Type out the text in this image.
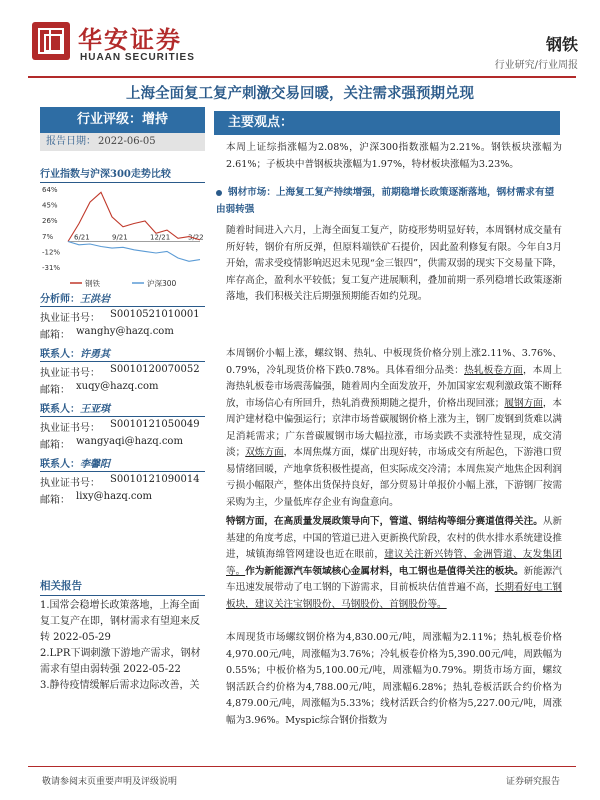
华安证券
HUAAN SECURITIES
钢铁
行业研究/行业周报
上海全面复工复产刺激交易回暖，关注需求强预期兑现
行业评级：增持
报告日期： 2022-06-05
行业指数与沪深300走势比较
64%
45%
26%
7%
-12%
-31%
6/21	9/21	12/21	3/22
钢铁	沪深300
分析师：王洪岩
执业证书号：	S0010521010001
邮箱： wanghy@hazq.com
联系人：许勇其
执业证书号：	S0010120070052
邮箱： xuqy@hazq.com
联系人：王亚琪
执业证书号：	S0010121050049
邮箱： wangyaqi@hazq.com
联系人：李馨阳
执业证书号：	S0010121090014
邮箱： lixy@hazq.com
相关报告
1.国常会稳增长政策落地，上海全面复工复产在即，钢材需求有望迎来反转 2022-05-29
2.LPR下调刺激下游地产需求，钢材需求有望由弱转强 2022-05-22
3.静待疫情缓解后需求边际改善，关
主要观点：
本周上证综指涨幅为2.08%，沪深300指数涨幅为2.21%。钢铁板块涨幅为2.61%；子板块中普钢板块涨幅为1.97%，特材板块涨幅为3.23%。
钢材市场：上海复工复产持续增强，前期稳增长政策逐渐落地，钢材需求有望由弱转强
随着时间进入六月，上海全面复工复产，防疫形势明显好转，本周钢材成交量有所好转，钢价有所反弹，但原料端铁矿石提价，因此盈利修复有限。今年自3月开始，需求受疫情影响迟迟未见现“金三银四”，供需双弱的现实下交易量下降，库存高企，盈利水平较低；复工复产进展顺利，叠加前期一系列稳增长政策逐渐落地，我们积极关注后期强预期能否如约兑现。
本周钢价小幅上涨，螺纹钢、热轧、中板现货价格分别上涨2.11%、3.76%、0.79%，冷轧现货价格下跌0.78%。具体看细分品类：热轧板卷方面，本周上海热轧板卷市场震荡偏强，随着周内全面发放开，外加国家宏观利激政策不断释放，市场信心有所回升，热轧消费预期随之提升，价格出现回涨；履钢方面，本周沪建材稳中偏强运行；京津市场普碳履钢价格上涨为主，钢厂废钢到货难以满足消耗需求；广东普碳履钢市场大幅拉涨，市场卖跌不卖涨特性显现，成交清淡；双炼方面，本周焦煤方面，煤矿出现好转，市场成交有所起色，下游港口贸易情绪回暖，产地拿货积极性提高，但实际成交冷清；本周焦炭产地焦企因利润亏损小幅限产，整体出货保持良好，部分贸易计单报价小幅上涨，下游钢厂按需采购为主，少量低库存企业有询盘意向。
特钢方面，在高质量发展政策导向下，管道、钢结构等细分赛道值得关注。从新基建的角度考虑，中国的管道已进入更新换代阶段，农村的供水排水系统建设推进，城镇海绵管网建设也近在眼前，建议关注新兴铸管、金洲管道、友发集团等。作为新能源汽车领域核心金属材料，电工钢也是值得关注的板块。新能源汽车迅速发展带动了电工钢的下游需求，目前板块估值普遍不高，长期看好电工钢板块，建议关注宝钢股份、马钢股份、首钢股份等。
本周现货市场螺纹钢价格为4,830.00元/吨，周涨幅为2.11%；热轧板卷价格4,970.00元/吨，周涨幅为3.76%；冷轧板卷价格为5,390.00元/吨，周跌幅为0.55%；中板价格为5,100.00元/吨，周涨幅为0.79%。期货市场方面，螺纹钢活跃合约价格为4,788.00元/吨，周涨幅6.28%；热轧卷板活跃合约价格为4,879.00元/吨，周涨幅为5.33%；线材活跃合约价格为5,227.00元/吨，周涨幅为3.96%。Myspic综合钢价指数为
敬请参阅末页重要声明及评级说明	证券研究报告
